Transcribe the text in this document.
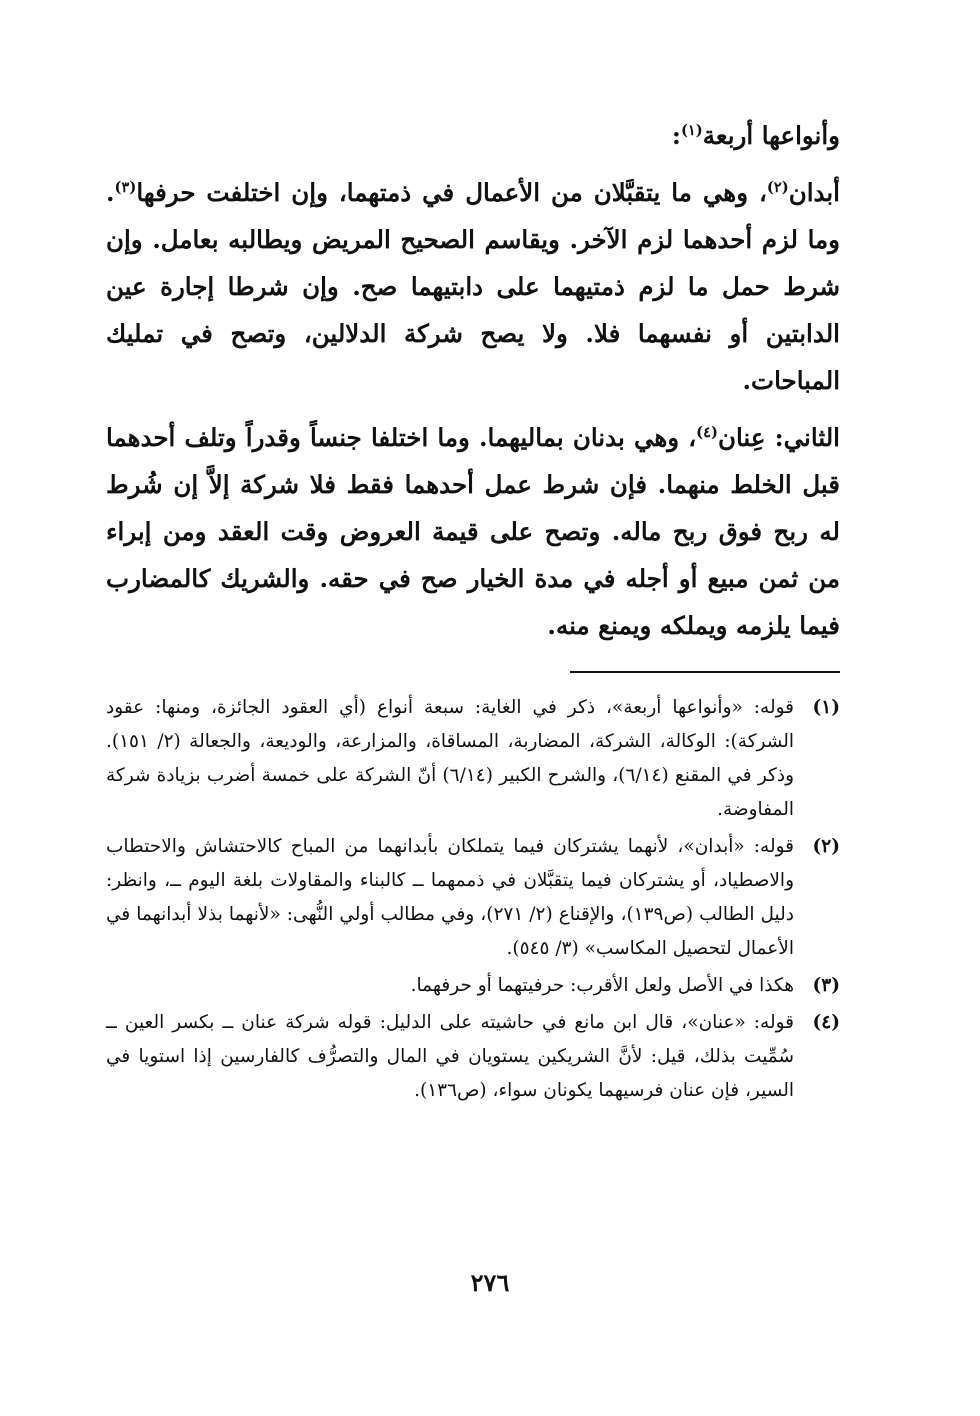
وأنواعها أربعة$^{(١)}$:

أبدان$^{(٢)}$، وهي ما يتقبَّلان من الأعمال في ذمتهما، وإن اختلفت حرفها$^{(٣)}$. وما لزم أحدهما لزم الآخر. ويقاسم الصحيح المريض ويطالبه بعامل. وإن شرط حمل ما لزم ذمتيهما على دابتيهما صح. وإن شرطا إجارة عين الدابتين أو نفسهما فلا. ولا يصح شركة الدلالين، وتصح في تمليك المباحات.

الثاني: عِنان$^{(٤)}$، وهي بدنان بماليهما. وما اختلفا جنساً وقدراً وتلف أحدهما قبل الخلط منهما. فإن شرط عمل أحدهما فقط فلا شركة إلاَّ إن شُرط له ربح فوق ربح ماله. وتصح على قيمة العروض وقت العقد ومن إبراء من ثمن مبيع أو أجله في مدة الخيار صح في حقه. والشريك كالمضارب فيما يلزمه ويملكه ويمنع منه.

(١)
قوله: «وأنواعها أربعة»، ذكر في الغاية: سبعة أنواع (أي العقود الجائزة، ومنها: عقود الشركة): الوكالة، الشركة، المضاربة، المساقاة، والمزارعة، والوديعة، والجعالة (٢/ ١٥١). وذكر في المقنع (٦/١٤)، والشرح الكبير (٦/١٤) أنّ الشركة على خمسة أضرب بزيادة شركة المفاوضة.
(٢)
قوله: «أبدان»، لأنهما يشتركان فيما يتملكان بأبدانهما من المباح كالاحتشاش والاحتطاب والاصطياد، أو يشتركان فيما يتقبَّلان في ذممهما ــ كالبناء والمقاولات بلغة اليوم ــ، وانظر: دليل الطالب (ص١٣٩)، والإقناع (٢/ ٢٧١)، وفي مطالب أولي النُّهى: «لأنهما بذلا أبدانهما في الأعمال لتحصيل المكاسب» (٣/ ٥٤٥).
(٣)
هكذا في الأصل ولعل الأقرب: حرفيتهما أو حرفهما.
(٤)
قوله: «عنان»، قال ابن مانع في حاشيته على الدليل: قوله شركة عنان ــ بكسر العين ــ سُمِّيت بذلك، قيل: لأنَّ الشريكين يستويان في المال والتصرُّف كالفارسين إذا استويا في السير، فإن عنان فرسيهما يكونان سواء، (ص١٣٦).
٢٧٦
